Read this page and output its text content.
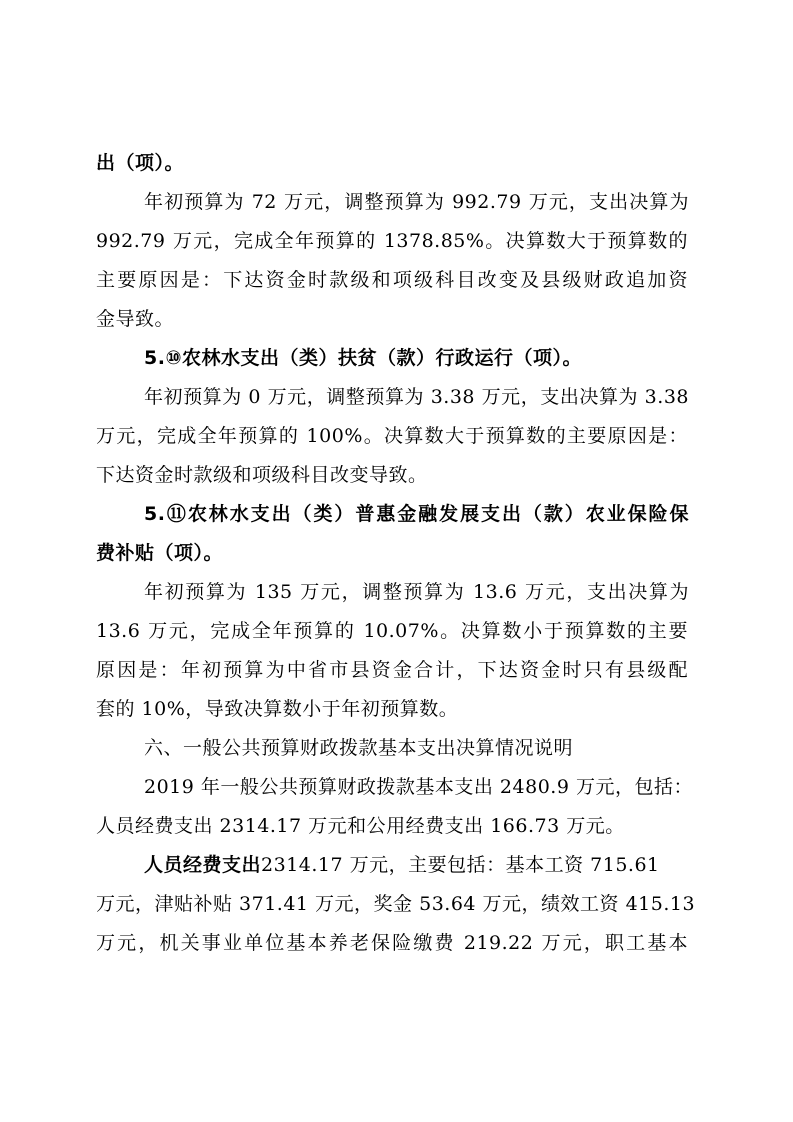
出（项）。
年初预算为 72 万元，调整预算为 992.79 万元，支出决算为
992.79 万元，完成全年预算的 1378.85%。决算数大于预算数的
主要原因是：下达资金时款级和项级科目改变及县级财政追加资
金导致。
5.⑩农林水支出（类）扶贫（款）行政运行（项）。
年初预算为 0 万元，调整预算为 3.38 万元，支出决算为 3.38
万元，完成全年预算的 100%。决算数大于预算数的主要原因是：
下达资金时款级和项级科目改变导致。
5.⑪农林水支出（类）普惠金融发展支出（款）农业保险保
费补贴（项）。
年初预算为 135 万元，调整预算为 13.6 万元，支出决算为
13.6 万元，完成全年预算的 10.07%。决算数小于预算数的主要
原因是：年初预算为中省市县资金合计，下达资金时只有县级配
套的 10%，导致决算数小于年初预算数。
六、一般公共预算财政拨款基本支出决算情况说明
2019 年一般公共预算财政拨款基本支出 2480.9 万元，包括：
人员经费支出 2314.17 万元和公用经费支出 166.73 万元。
人员经费支出2314.17 万元，主要包括：基本工资 715.61
万元，津贴补贴 371.41 万元，奖金 53.64 万元，绩效工资 415.13
万元，机关事业单位基本养老保险缴费 219.22 万元，职工基本
